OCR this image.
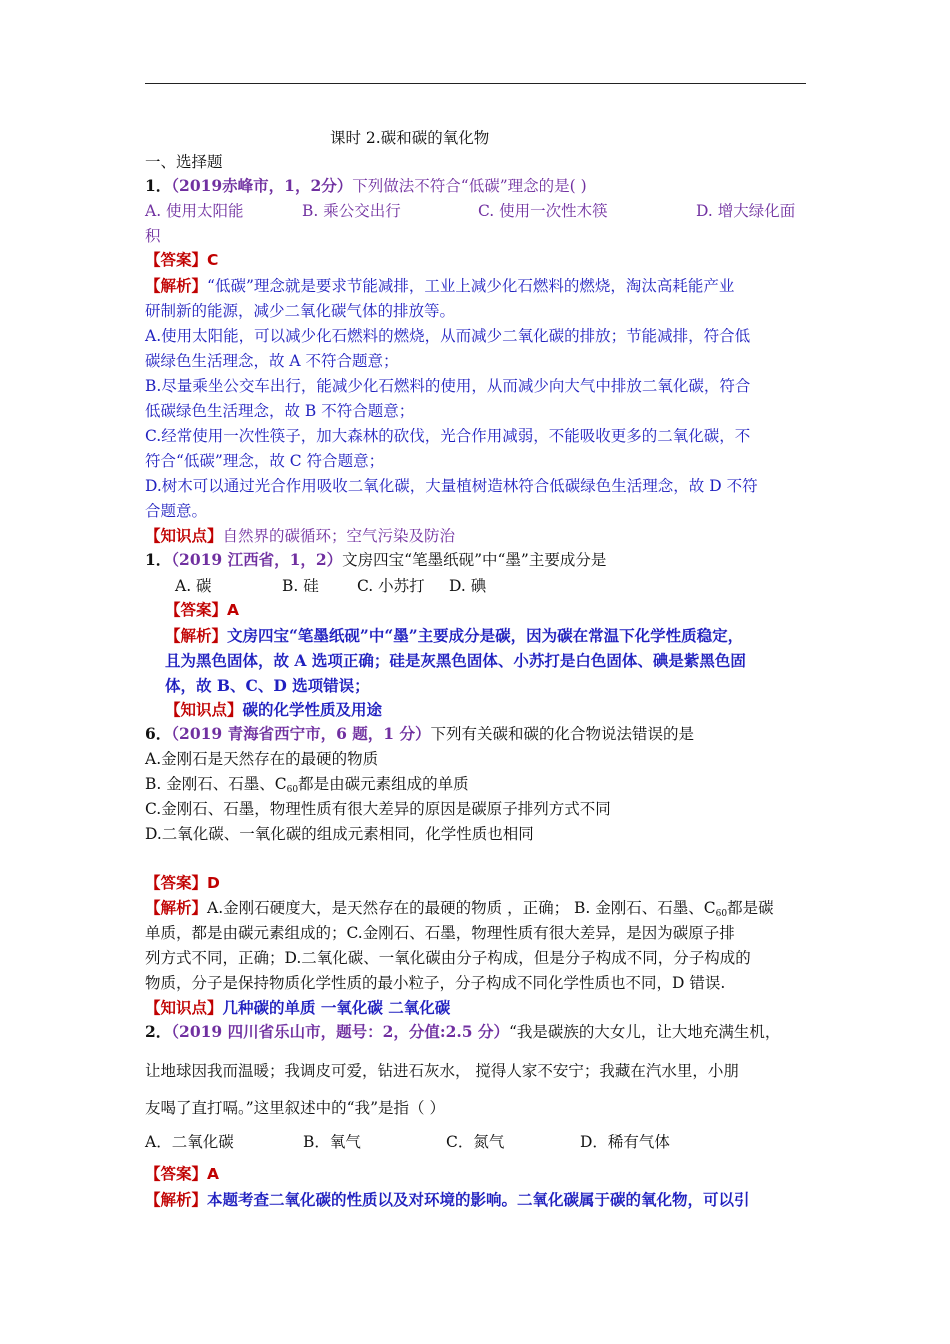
课时 2.碳和碳的氧化物
一、选择题
1．（2019赤峰市，1，2分）下列做法不符合“低碳”理念的是( )
A. 使用太阳能	B. 乘公交出行	C. 使用一次性木筷	D. 增大绿化面
积
【答案】C
【解析】“低碳”理念就是要求节能减排，工业上减少化石燃料的燃烧，淘汰高耗能产业
研制新的能源，减少二氧化碳气体的排放等。
A.使用太阳能，可以减少化石燃料的燃烧，从而减少二氧化碳的排放；节能减排，符合低
碳绿色生活理念，故 A 不符合题意；
B.尽量乘坐公交车出行，能减少化石燃料的使用，从而减少向大气中排放二氧化碳，符合
低碳绿色生活理念，故 B 不符合题意；
C.经常使用一次性筷子，加大森林的砍伐，光合作用减弱，不能吸收更多的二氧化碳，不
符合“低碳”理念，故 C 符合题意；
D.树木可以通过光合作用吸收二氧化碳，大量植树造林符合低碳绿色生活理念，故 D 不符
合题意。
【知识点】自然界的碳循环；空气污染及防治
1．（2019 江西省，1，2）文房四宝“笔墨纸砚”中“墨”主要成分是
A. 碳	B. 硅 C. 小苏打 D. 碘
【答案】A
【解析】文房四宝“笔墨纸砚”中“墨”主要成分是碳，因为碳在常温下化学性质稳定，
且为黑色固体，故 A 选项正确；硅是灰黑色固体、小苏打是白色固体、碘是紫黑色固
体，故 B、C、D 选项错误；
【知识点】碳的化学性质及用途
6．（2019 青海省西宁市，6 题，1 分）下列有关碳和碳的化合物说法错误的是
A.金刚石是天然存在的最硬的物质
B. 金刚石、石墨、$C_{60}$都是由碳元素组成的单质
C.金刚石、石墨，物理性质有很大差异的原因是碳原子排列方式不同
D.二氧化碳、一氧化碳的组成元素相同，化学性质也相同
【答案】D
【解析】A.金刚石硬度大，是天然存在的最硬的物质 ，正确； B. 金刚石、石墨、$C_{60}$都是碳
单质，都是由碳元素组成的；C.金刚石、石墨，物理性质有很大差异，是因为碳原子排
列方式不同，正确；D.二氧化碳、一氧化碳由分子构成，但是分子构成不同，分子构成的
物质，分子是保持物质化学性质的最小粒子，分子构成不同化学性质也不同，D 错误.
【知识点】几种碳的单质 一氧化碳 二氧化碳
2．（2019 四川省乐山市，题号：2，分值:2.5 分）“我是碳族的大女儿，让大地充满生机，
让地球因我而温暖；我调皮可爱，钻进石灰水， 搅得人家不安宁；我藏在汽水里，小朋
友喝了直打嗝。”这里叙述中的“我”是指（ ）
A．二氧化碳	B．氧气	C．氮气	D．稀有气体
【答案】A
【解析】本题考查二氧化碳的性质以及对环境的影响。二氧化碳属于碳的氧化物，可以引
